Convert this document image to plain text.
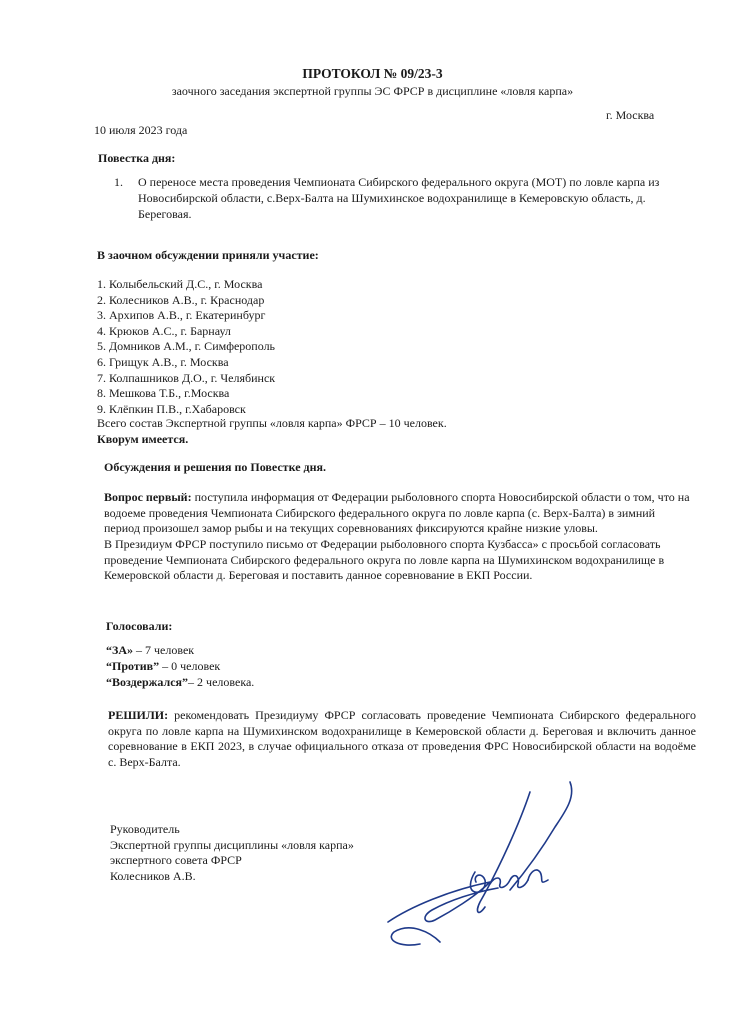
ПРОТОКОЛ № 09/23-3
заочного заседания экспертной группы ЭС ФРСР в дисциплине «ловля карпа»
г. Москва
10 июля 2023 года
Повестка дня:
1. О переносе места проведения Чемпионата Сибирского федерального округа (МОТ) по ловле карпа из Новосибирской области, с.Верх-Балта на Шумихинское водохранилище в Кемеровскую область, д. Береговая.
В заочном обсуждении приняли участие:
1. Колыбельский Д.С., г. Москва
2. Колесников А.В., г. Краснодар
3. Архипов А.В., г. Екатеринбург
4. Крюков А.С., г. Барнаул
5. Домников А.М., г. Симферополь
6. Грищук А.В., г. Москва
7. Колпашников Д.О., г. Челябинск
8. Мешкова Т.Б., г.Москва
9. Клёпкин П.В., г.Хабаровск
Всего состав Экспертной группы «ловля карпа» ФРСР – 10 человек.
Кворум имеется.
Обсуждения и решения по Повестке дня.
Вопрос первый: поступила информация от Федерации рыболовного спорта Новосибирской области о том, что на водоеме проведения Чемпионата Сибирского федерального округа по ловле карпа (с. Верх-Балта) в зимний период произошел замор рыбы и на текущих соревнованиях фиксируются крайне низкие уловы.
В Президиум ФРСР поступило письмо от Федерации рыболовного спорта Кузбасса» с просьбой согласовать проведение Чемпионата Сибирского федерального округа по ловле карпа на Шумихинском водохранилище в Кемеровской области д. Береговая и поставить данное соревнование в ЕКП России.
Голосовали:
“ЗА» – 7 человек
“Против” – 0 человек
“Воздержался”– 2 человека.
РЕШИЛИ: рекомендовать Президиуму ФРСР согласовать проведение Чемпионата Сибирского федерального округа по ловле карпа на Шумихинском водохранилище в Кемеровской области д. Береговая и включить данное соревнование в ЕКП 2023, в случае официального отказа от проведения ФРС Новосибирской области на водоёме с. Верх-Балта.
Руководитель
Экспертной группы дисциплины «ловля карпа»
экспертного совета ФРСР
Колесников А.В.
